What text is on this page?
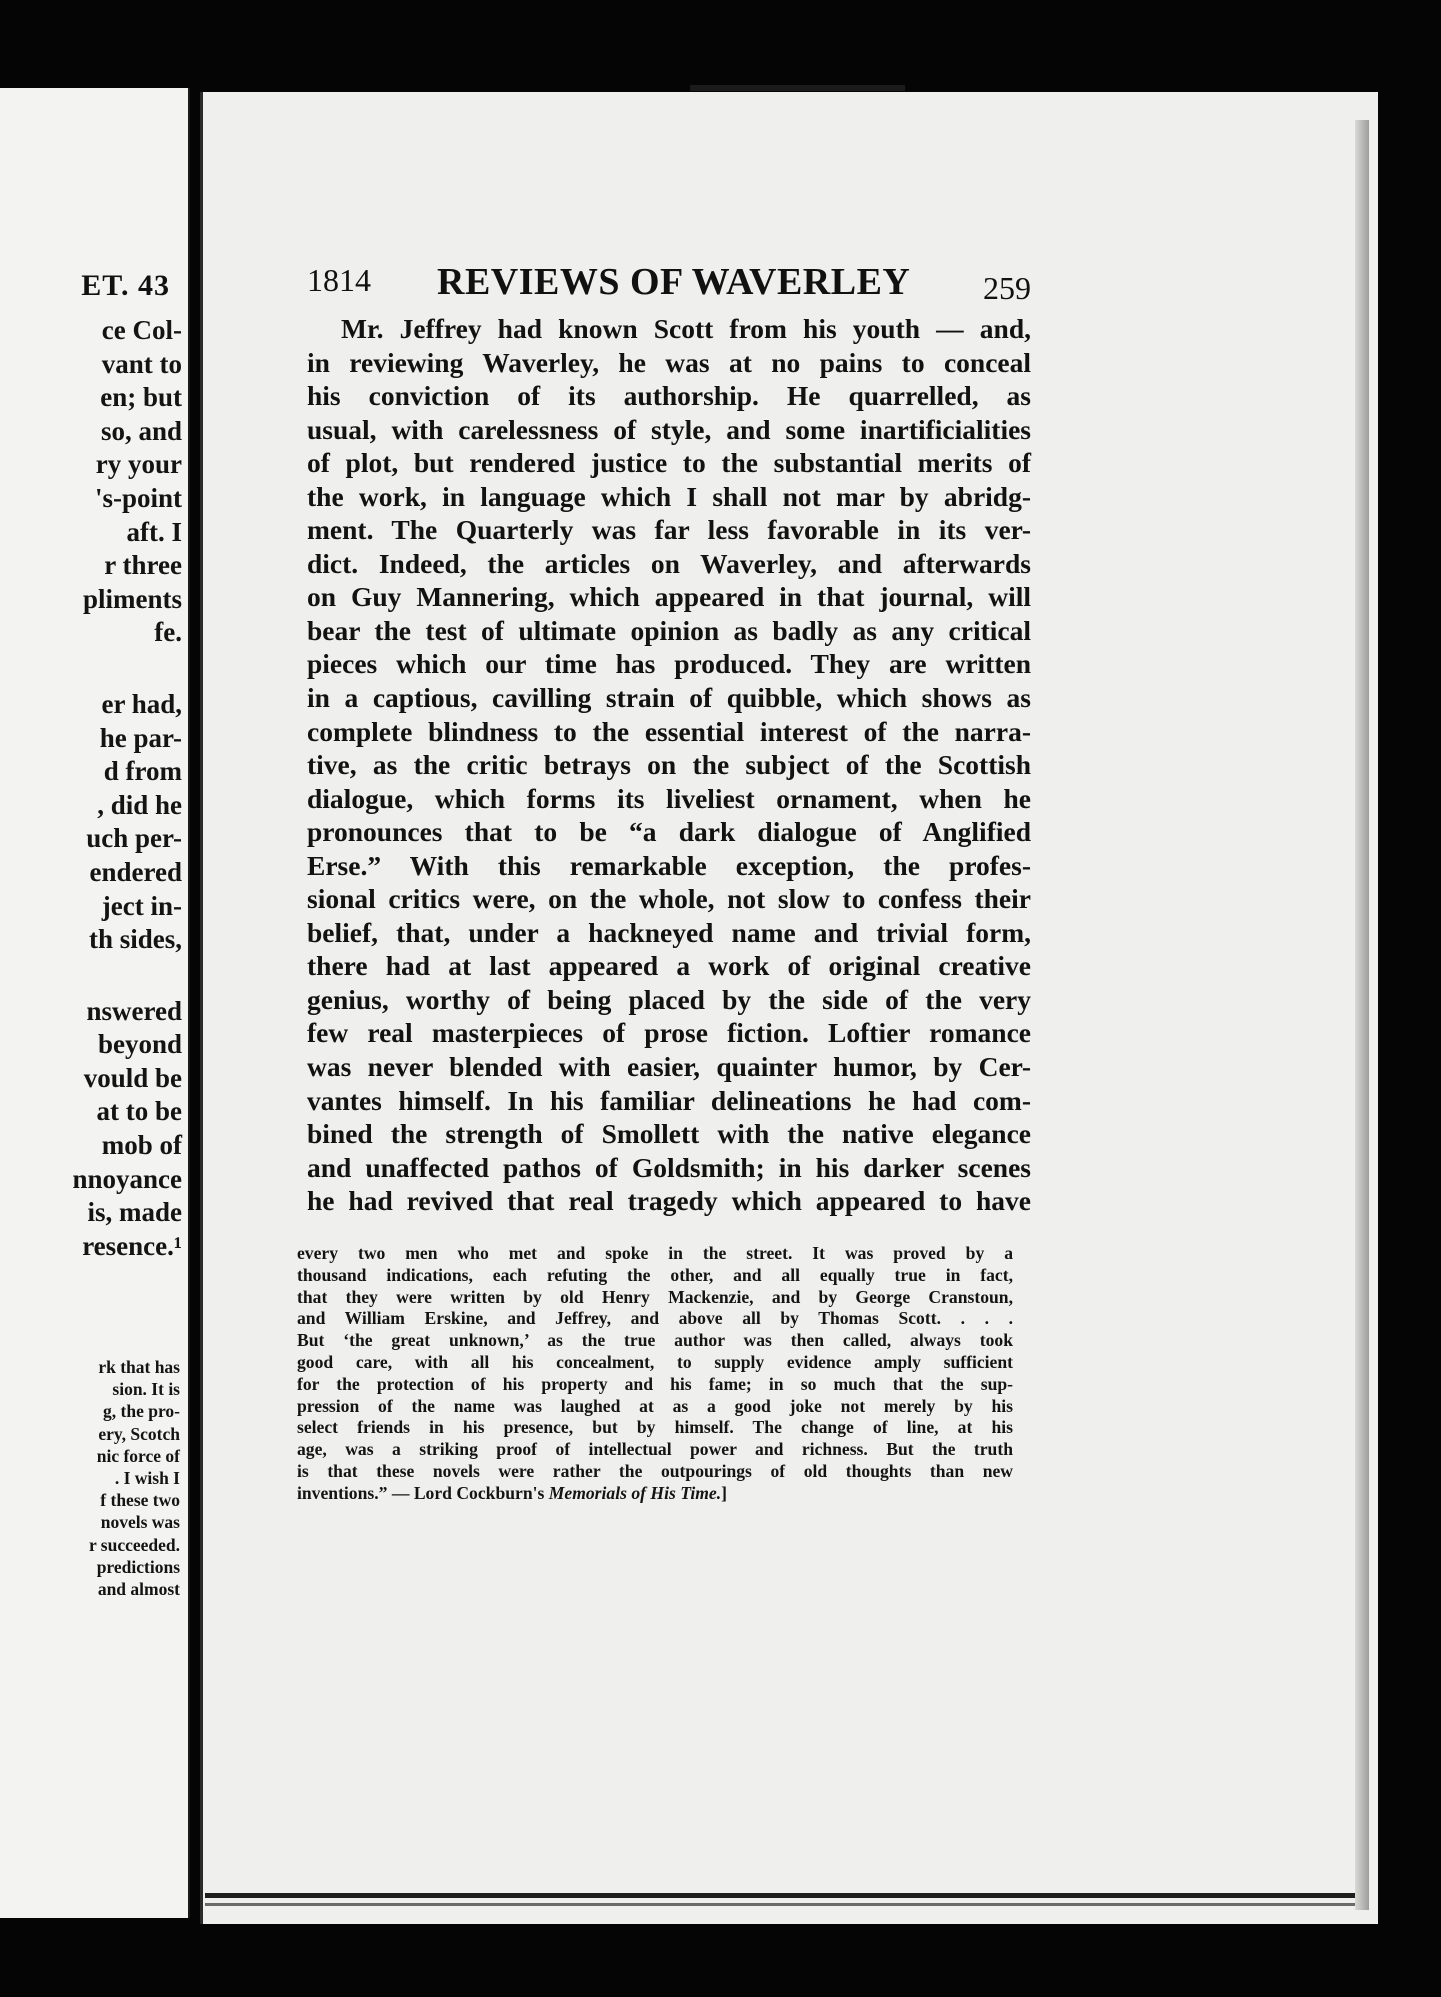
ET. 43
ce Col-
vant to
en; but
so, and
ry your
's-point
aft. I
r three
pliments
fe.
er had,
he par-
d from
, did he
uch per-
endered
ject in-
th sides,
nswered
beyond
vould be
at to be
mob of
nnoyance
is, made
resence.¹
rk that has
sion. It is
g, the pro-
ery, Scotch
nic force of
. I wish I
f these two
novels was
r succeeded.
predictions
and almost
1814 REVIEWS OF WAVERLEY 259
Mr. Jeffrey had known Scott from his youth — and,
in reviewing Waverley, he was at no pains to conceal
his conviction of its authorship. He quarrelled, as
usual, with carelessness of style, and some inartificialities
of plot, but rendered justice to the substantial merits of
the work, in language which I shall not mar by abridg-
ment. The Quarterly was far less favorable in its ver-
dict. Indeed, the articles on Waverley, and afterwards
on Guy Mannering, which appeared in that journal, will
bear the test of ultimate opinion as badly as any critical
pieces which our time has produced. They are written
in a captious, cavilling strain of quibble, which shows as
complete blindness to the essential interest of the narra-
tive, as the critic betrays on the subject of the Scottish
dialogue, which forms its liveliest ornament, when he
pronounces that to be “a dark dialogue of Anglified
Erse.” With this remarkable exception, the profes-
sional critics were, on the whole, not slow to confess their
belief, that, under a hackneyed name and trivial form,
there had at last appeared a work of original creative
genius, worthy of being placed by the side of the very
few real masterpieces of prose fiction. Loftier romance
was never blended with easier, quainter humor, by Cer-
vantes himself. In his familiar delineations he had com-
bined the strength of Smollett with the native elegance
and unaffected pathos of Goldsmith; in his darker scenes
he had revived that real tragedy which appeared to have
every two men who met and spoke in the street. It was proved by a
thousand indications, each refuting the other, and all equally true in fact,
that they were written by old Henry Mackenzie, and by George Cranstoun,
and William Erskine, and Jeffrey, and above all by Thomas Scott. . . .
But ‘the great unknown,’ as the true author was then called, always took
good care, with all his concealment, to supply evidence amply sufficient
for the protection of his property and his fame; in so much that the sup-
pression of the name was laughed at as a good joke not merely by his
select friends in his presence, but by himself. The change of line, at his
age, was a striking proof of intellectual power and richness. But the truth
is that these novels were rather the outpourings of old thoughts than new
inventions.” — Lord Cockburn's Memorials of His Time.]
